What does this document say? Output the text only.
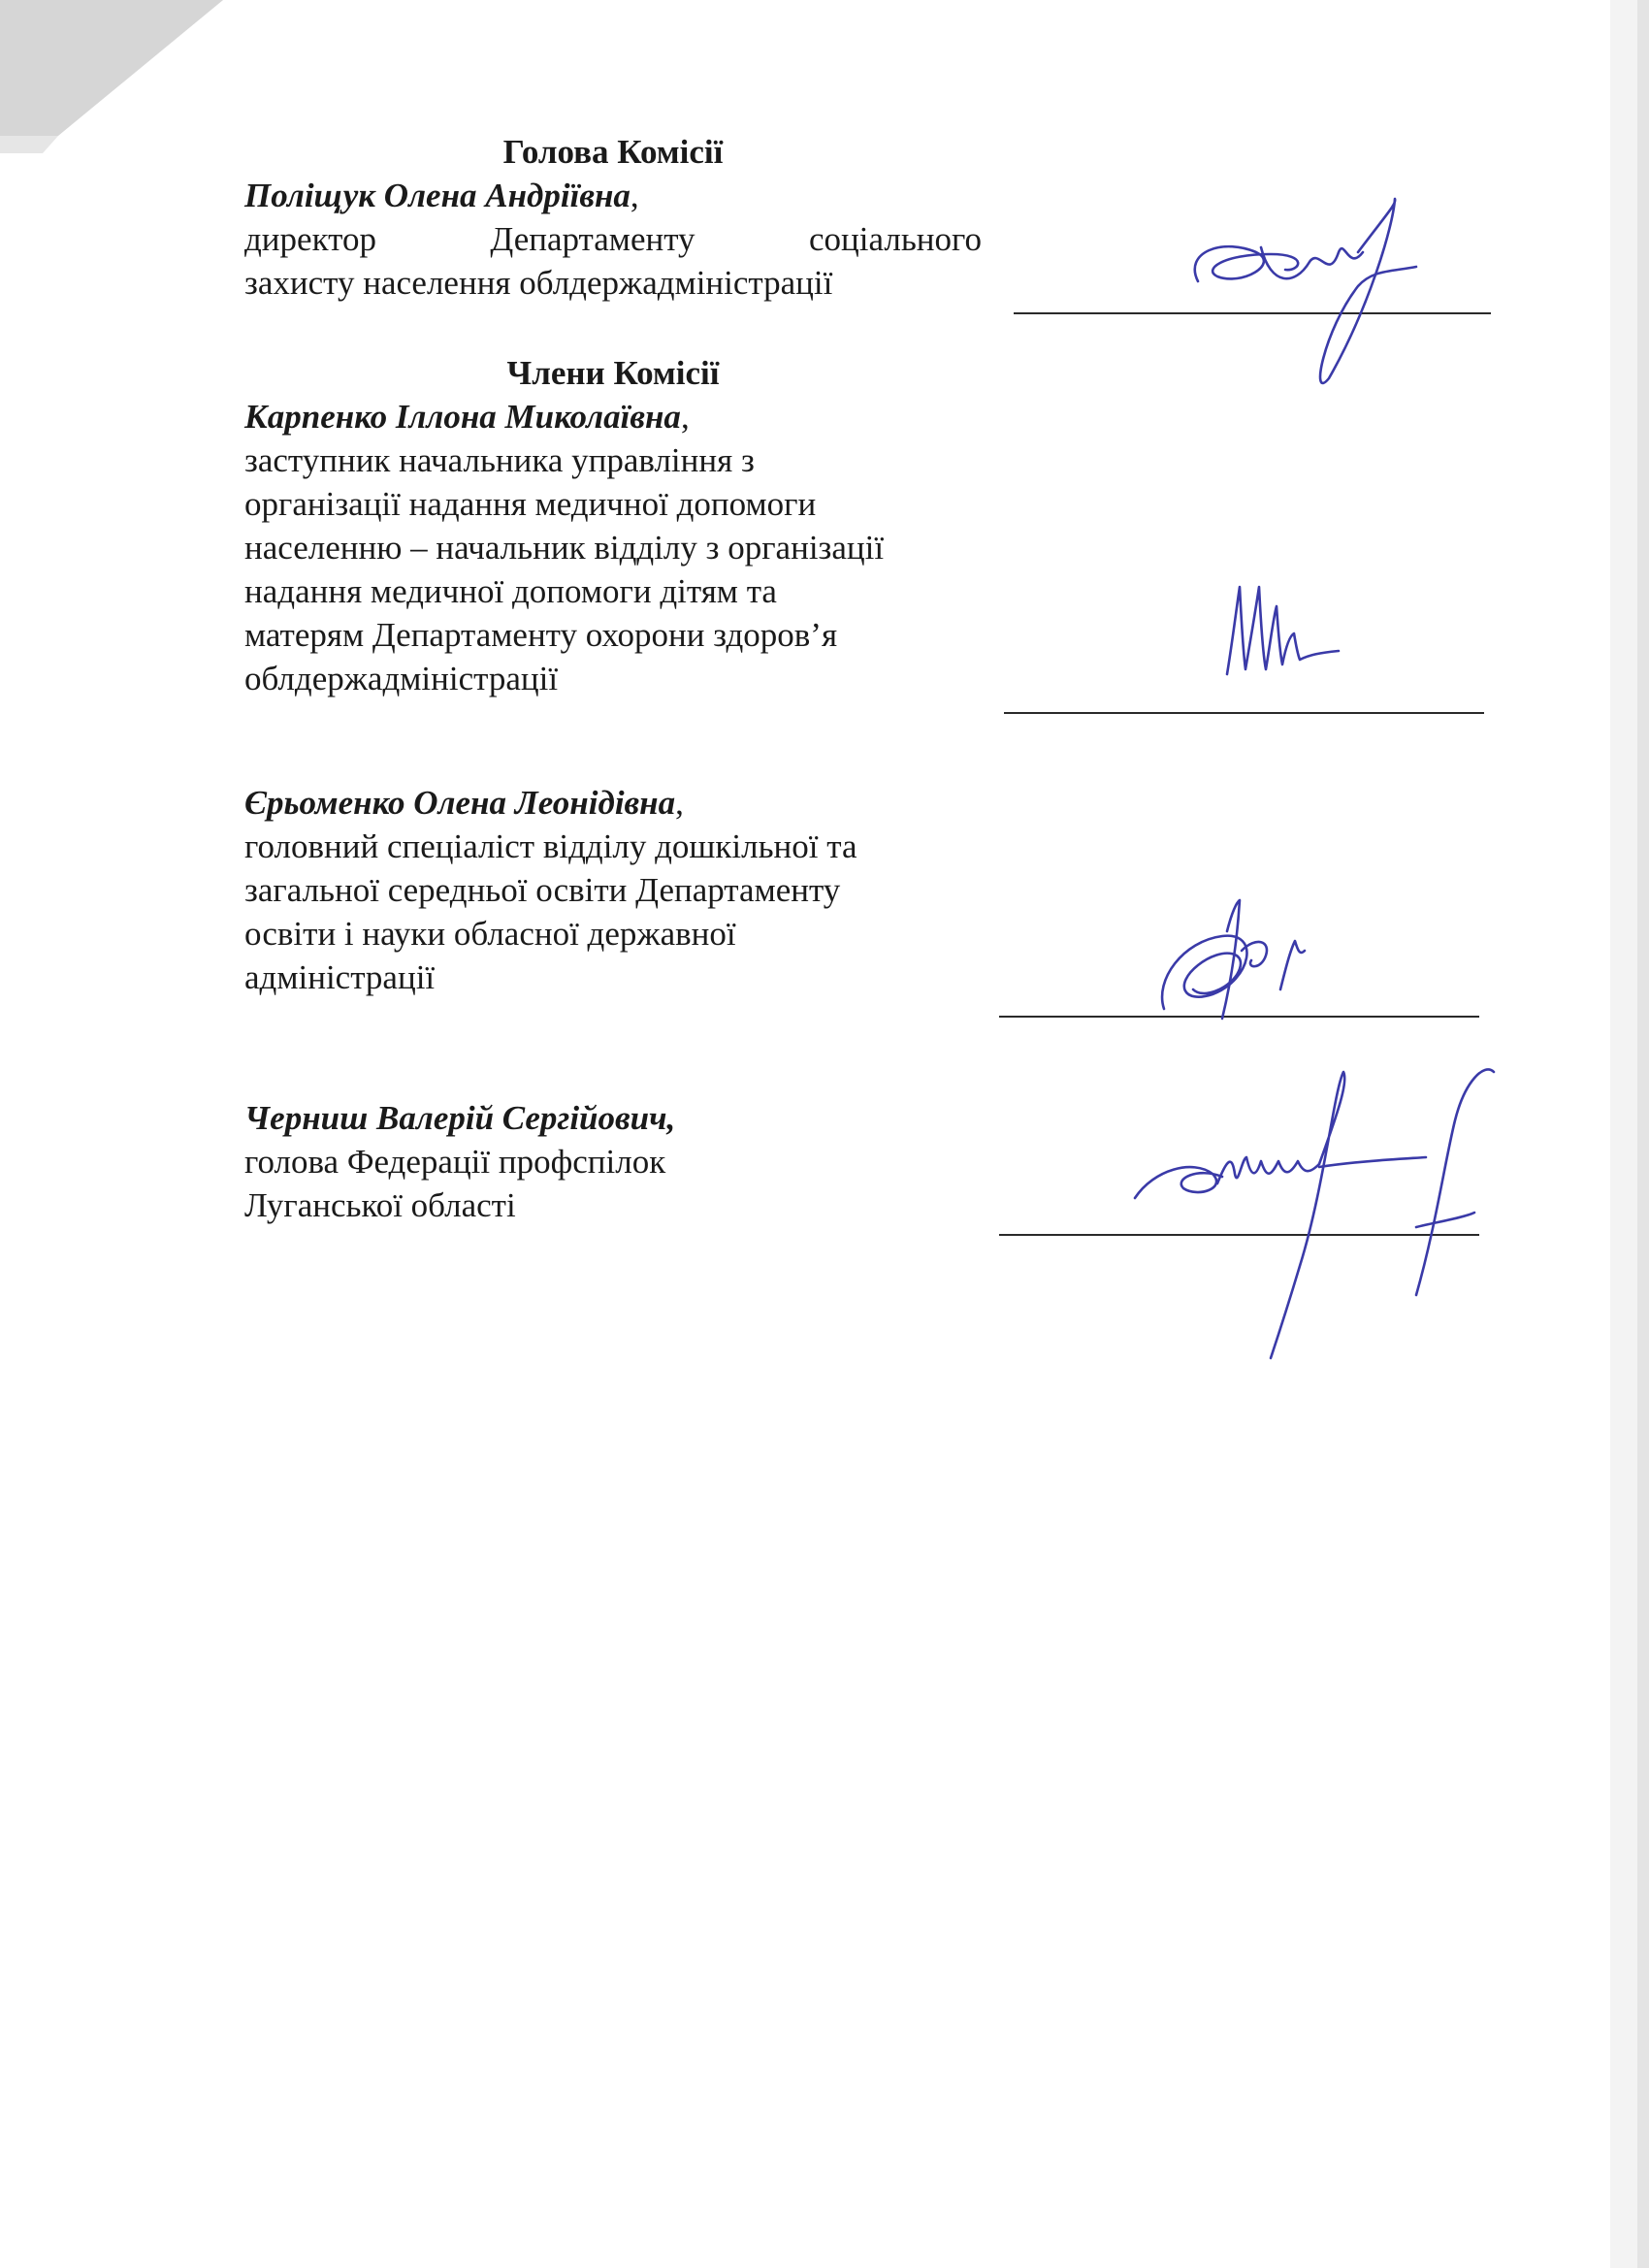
Голова Комісії
Поліщук Олена Андріївна,
директор Департаменту соціального
захисту населення облдержадміністрації
Члени Комісії
Карпенко Іллона Миколаївна,
заступник начальника управління з
організації надання медичної допомоги
населенню – начальник відділу з організації
надання медичної допомоги дітям та
матерям Департаменту охорони здоров’я
облдержадміністрації
Єрьоменко Олена Леонідівна,
головний спеціаліст відділу дошкільної та
загальної середньої освіти Департаменту
освіти і науки обласної державної
адміністрації
Черниш Валерій Сергійович,
голова Федерації профспілок
Луганської області
